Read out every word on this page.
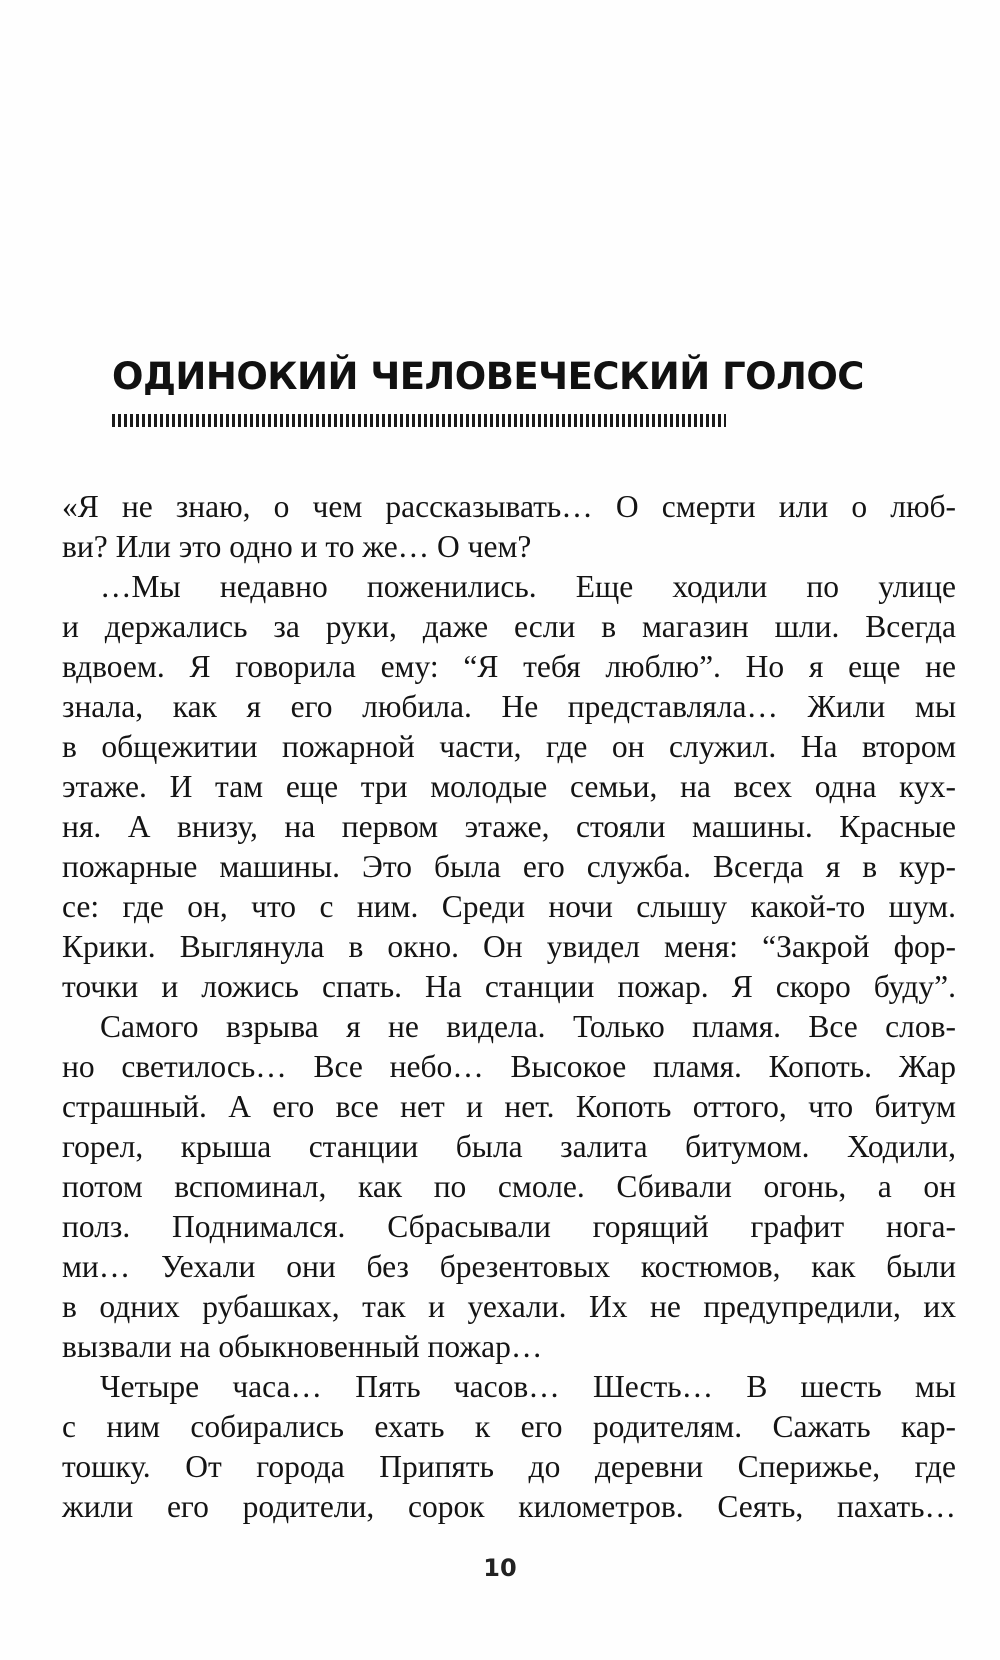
ОДИНОКИЙ ЧЕЛОВЕЧЕСКИЙ ГОЛОС

«Я не знаю, о чем рассказывать… О смерти или о люб-

ви? Или это одно и то же… О чем?

…Мы недавно поженились. Еще ходили по улице

и держались за руки, даже если в магазин шли. Всегда

вдвоем. Я говорила ему: “Я тебя люблю”. Но я еще не

знала, как я его любила. Не представляла… Жили мы

в общежитии пожарной части, где он служил. На втором

этаже. И там еще три молодые семьи, на всех одна кух-

ня. А внизу, на первом этаже, стояли машины. Красные

пожарные машины. Это была его служба. Всегда я в кур-

се: где он, что с ним. Среди ночи слышу какой-то шум.

Крики. Выглянула в окно. Он увидел меня: “Закрой фор-

точки и ложись спать. На станции пожар. Я скоро буду”.

Самого взрыва я не видела. Только пламя. Все слов-

но светилось… Все небо… Высокое пламя. Копоть. Жар

страшный. А его все нет и нет. Копоть оттого, что битум

горел, крыша станции была залита битумом. Ходили,

потом вспоминал, как по смоле. Сбивали огонь, а он

полз. Поднимался. Сбрасывали горящий графит нога-

ми… Уехали они без брезентовых костюмов, как были

в одних рубашках, так и уехали. Их не предупредили, их

вызвали на обыкновенный пожар…

Четыре часа… Пять часов… Шесть… В шесть мы

с ним собирались ехать к его родителям. Сажать кар-

тошку. От города Припять до деревни Сперижье, где

жили его родители, сорок километров. Сеять, пахать…

10
